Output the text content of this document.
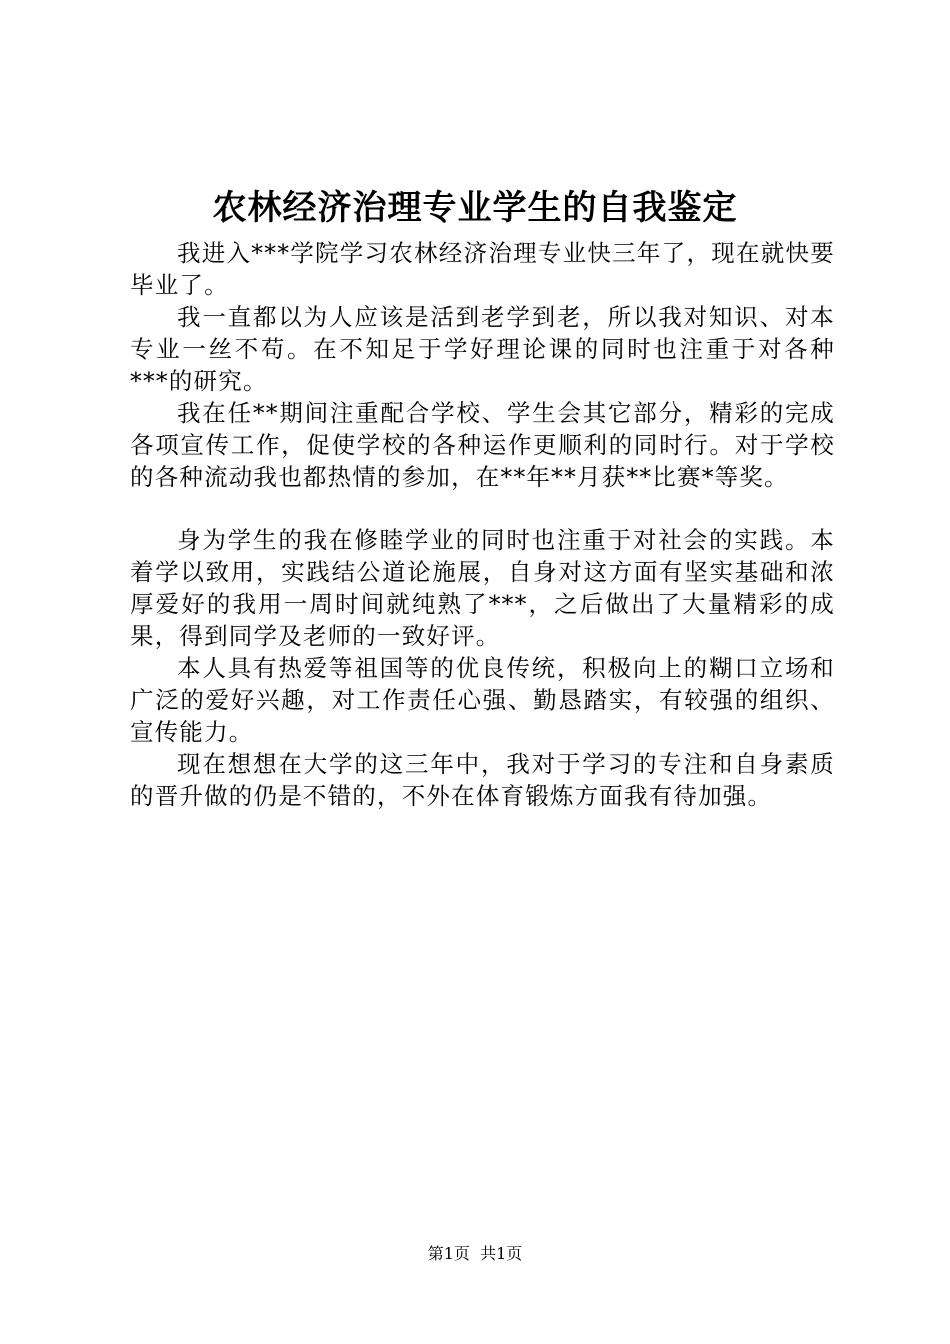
农林经济治理专业学生的自我鉴定

我进入***学院学习农林经济治理专业快三年了，现在就快要毕业了。

我一直都以为人应该是活到老学到老，所以我对知识、对本专业一丝不苟。在不知足于学好理论课的同时也注重于对各种***的研究。

我在任**期间注重配合学校、学生会其它部分，精彩的完成各项宣传工作，促使学校的各种运作更顺利的同时行。对于学校的各种流动我也都热情的参加，在**年**月获**比赛*等奖。

身为学生的我在修睦学业的同时也注重于对社会的实践。本着学以致用，实践结公道论施展，自身对这方面有坚实基础和浓厚爱好的我用一周时间就纯熟了***，之后做出了大量精彩的成果，得到同学及老师的一致好评。

本人具有热爱等祖国等的优良传统，积极向上的糊口立场和广泛的爱好兴趣，对工作责任心强、勤恳踏实，有较强的组织、宣传能力。

现在想想在大学的这三年中，我对于学习的专注和自身素质的晋升做的仍是不错的，不外在体育锻炼方面我有待加强。

第1页 共1页
